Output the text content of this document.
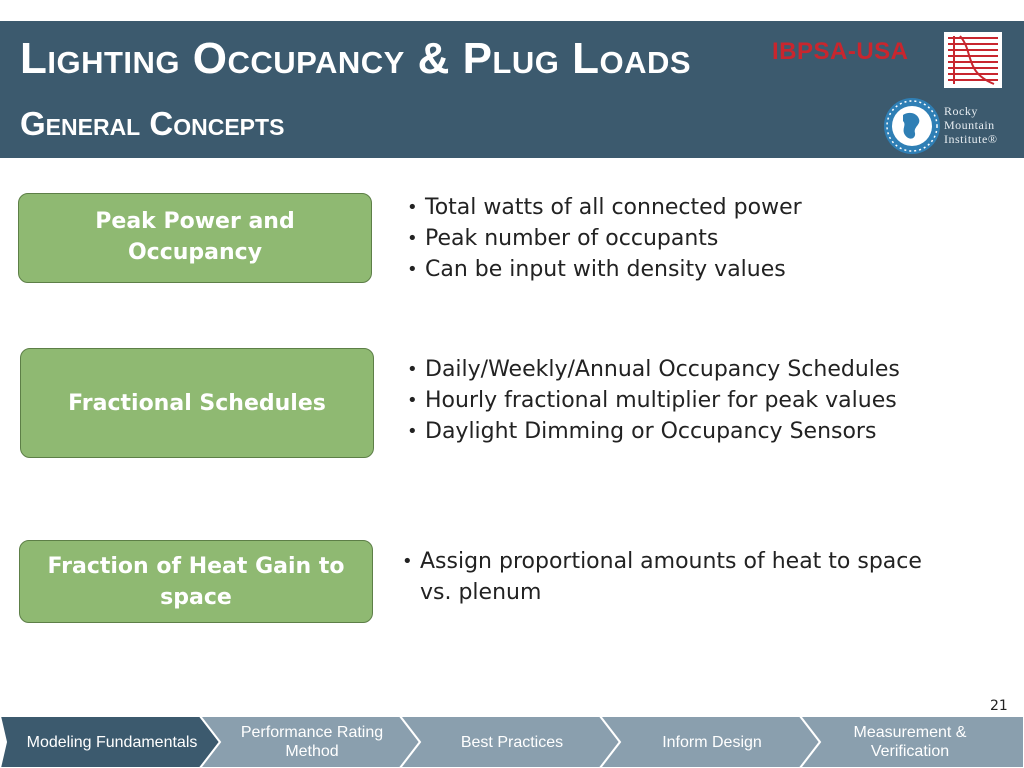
Lighting Occupancy & Plug Loads
General Concepts
IBPSA-USA
Rocky
Mountain
Institute®
Peak Power and Occupancy
• Total watts of all connected power
• Peak number of occupants
• Can be input with density values
Fractional Schedules
• Daily/Weekly/Annual Occupancy Schedules
• Hourly fractional multiplier for peak values
• Daylight Dimming or Occupancy Sensors
Fraction of Heat Gain to space
• Assign proportional amounts of heat to space vs. plenum
21
Modeling Fundamentals
Performance Rating Method
Best Practices	Inform Design
Measurement & Verification
